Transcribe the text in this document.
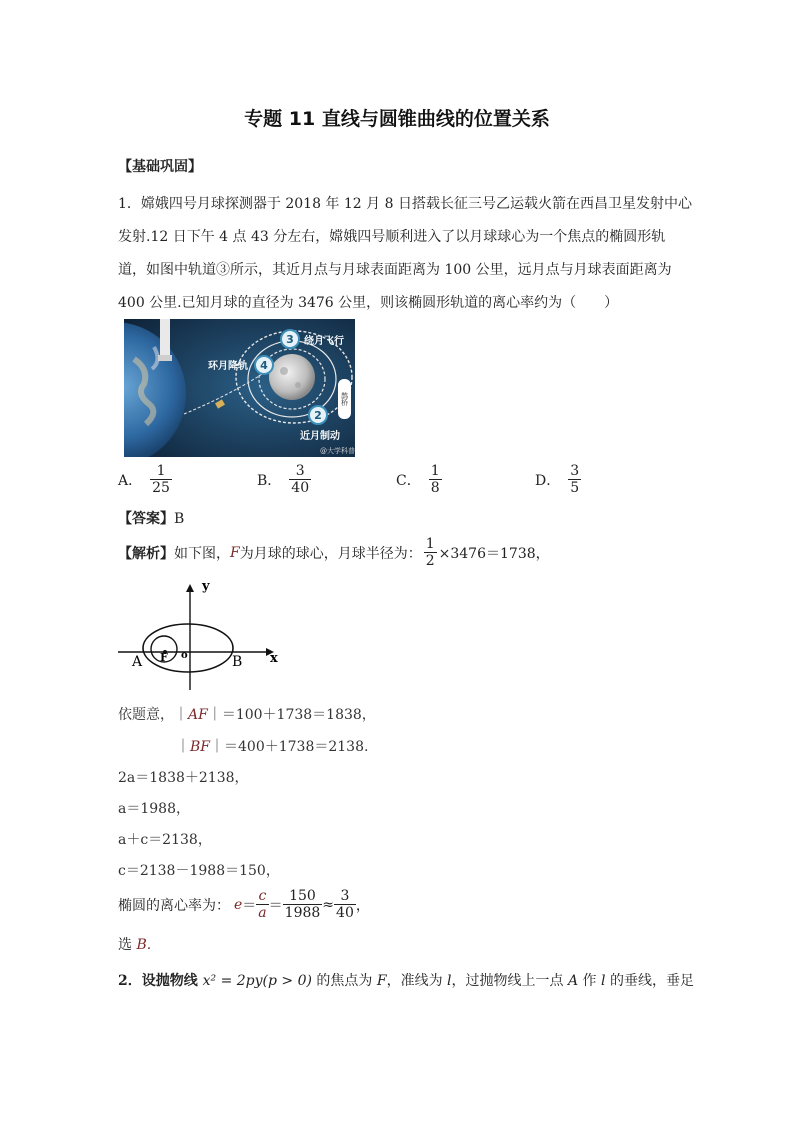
专题 11 直线与圆锥曲线的位置关系
【基础巩固】
1．嫦娥四号月球探测器于 2018 年 12 月 8 日搭载长征三号乙运载火箭在西昌卫星发射中心
发射.12 日下午 4 点 43 分左右，嫦娥四号顺利进入了以月球球心为一个焦点的椭圆形轨
道，如图中轨道③所示，其近月点与月球表面距离为 100 公里，远月点与月球表面距离为
400 公里.已知月球的直径为 3476 公里，则该椭圆形轨道的离心率约为（　　）
3 绕月飞行
4
环月降轨
2
近月制动
鹊桥
@大学科普
A． $\frac{1}{25}$	B． $\frac{3}{40}$	C． $\frac{1}{8}$	D． $\frac{3}{5}$
【答案】B
【解析】 如下图， F 为月球的球心，月球半径为： $\frac{1}{2} \times 3476=1738$，
y
x
A	B
F o
依题意，｜AF｜＝100＋1738＝1838，
｜BF｜＝400＋1738＝2138.
2a＝1838＋2138，
a＝1988，
a＋c＝2138，
c＝2138－1988＝150，
椭圆的离心率为： $e = \frac{c}{a} = \frac{150}{1988} \approx \frac{3}{40}$ ，
选 B.
2．设抛物线 x² = 2py(p > 0) 的焦点为 F，准线为 l，过抛物线上一点 A 作 l 的垂线，垂足
